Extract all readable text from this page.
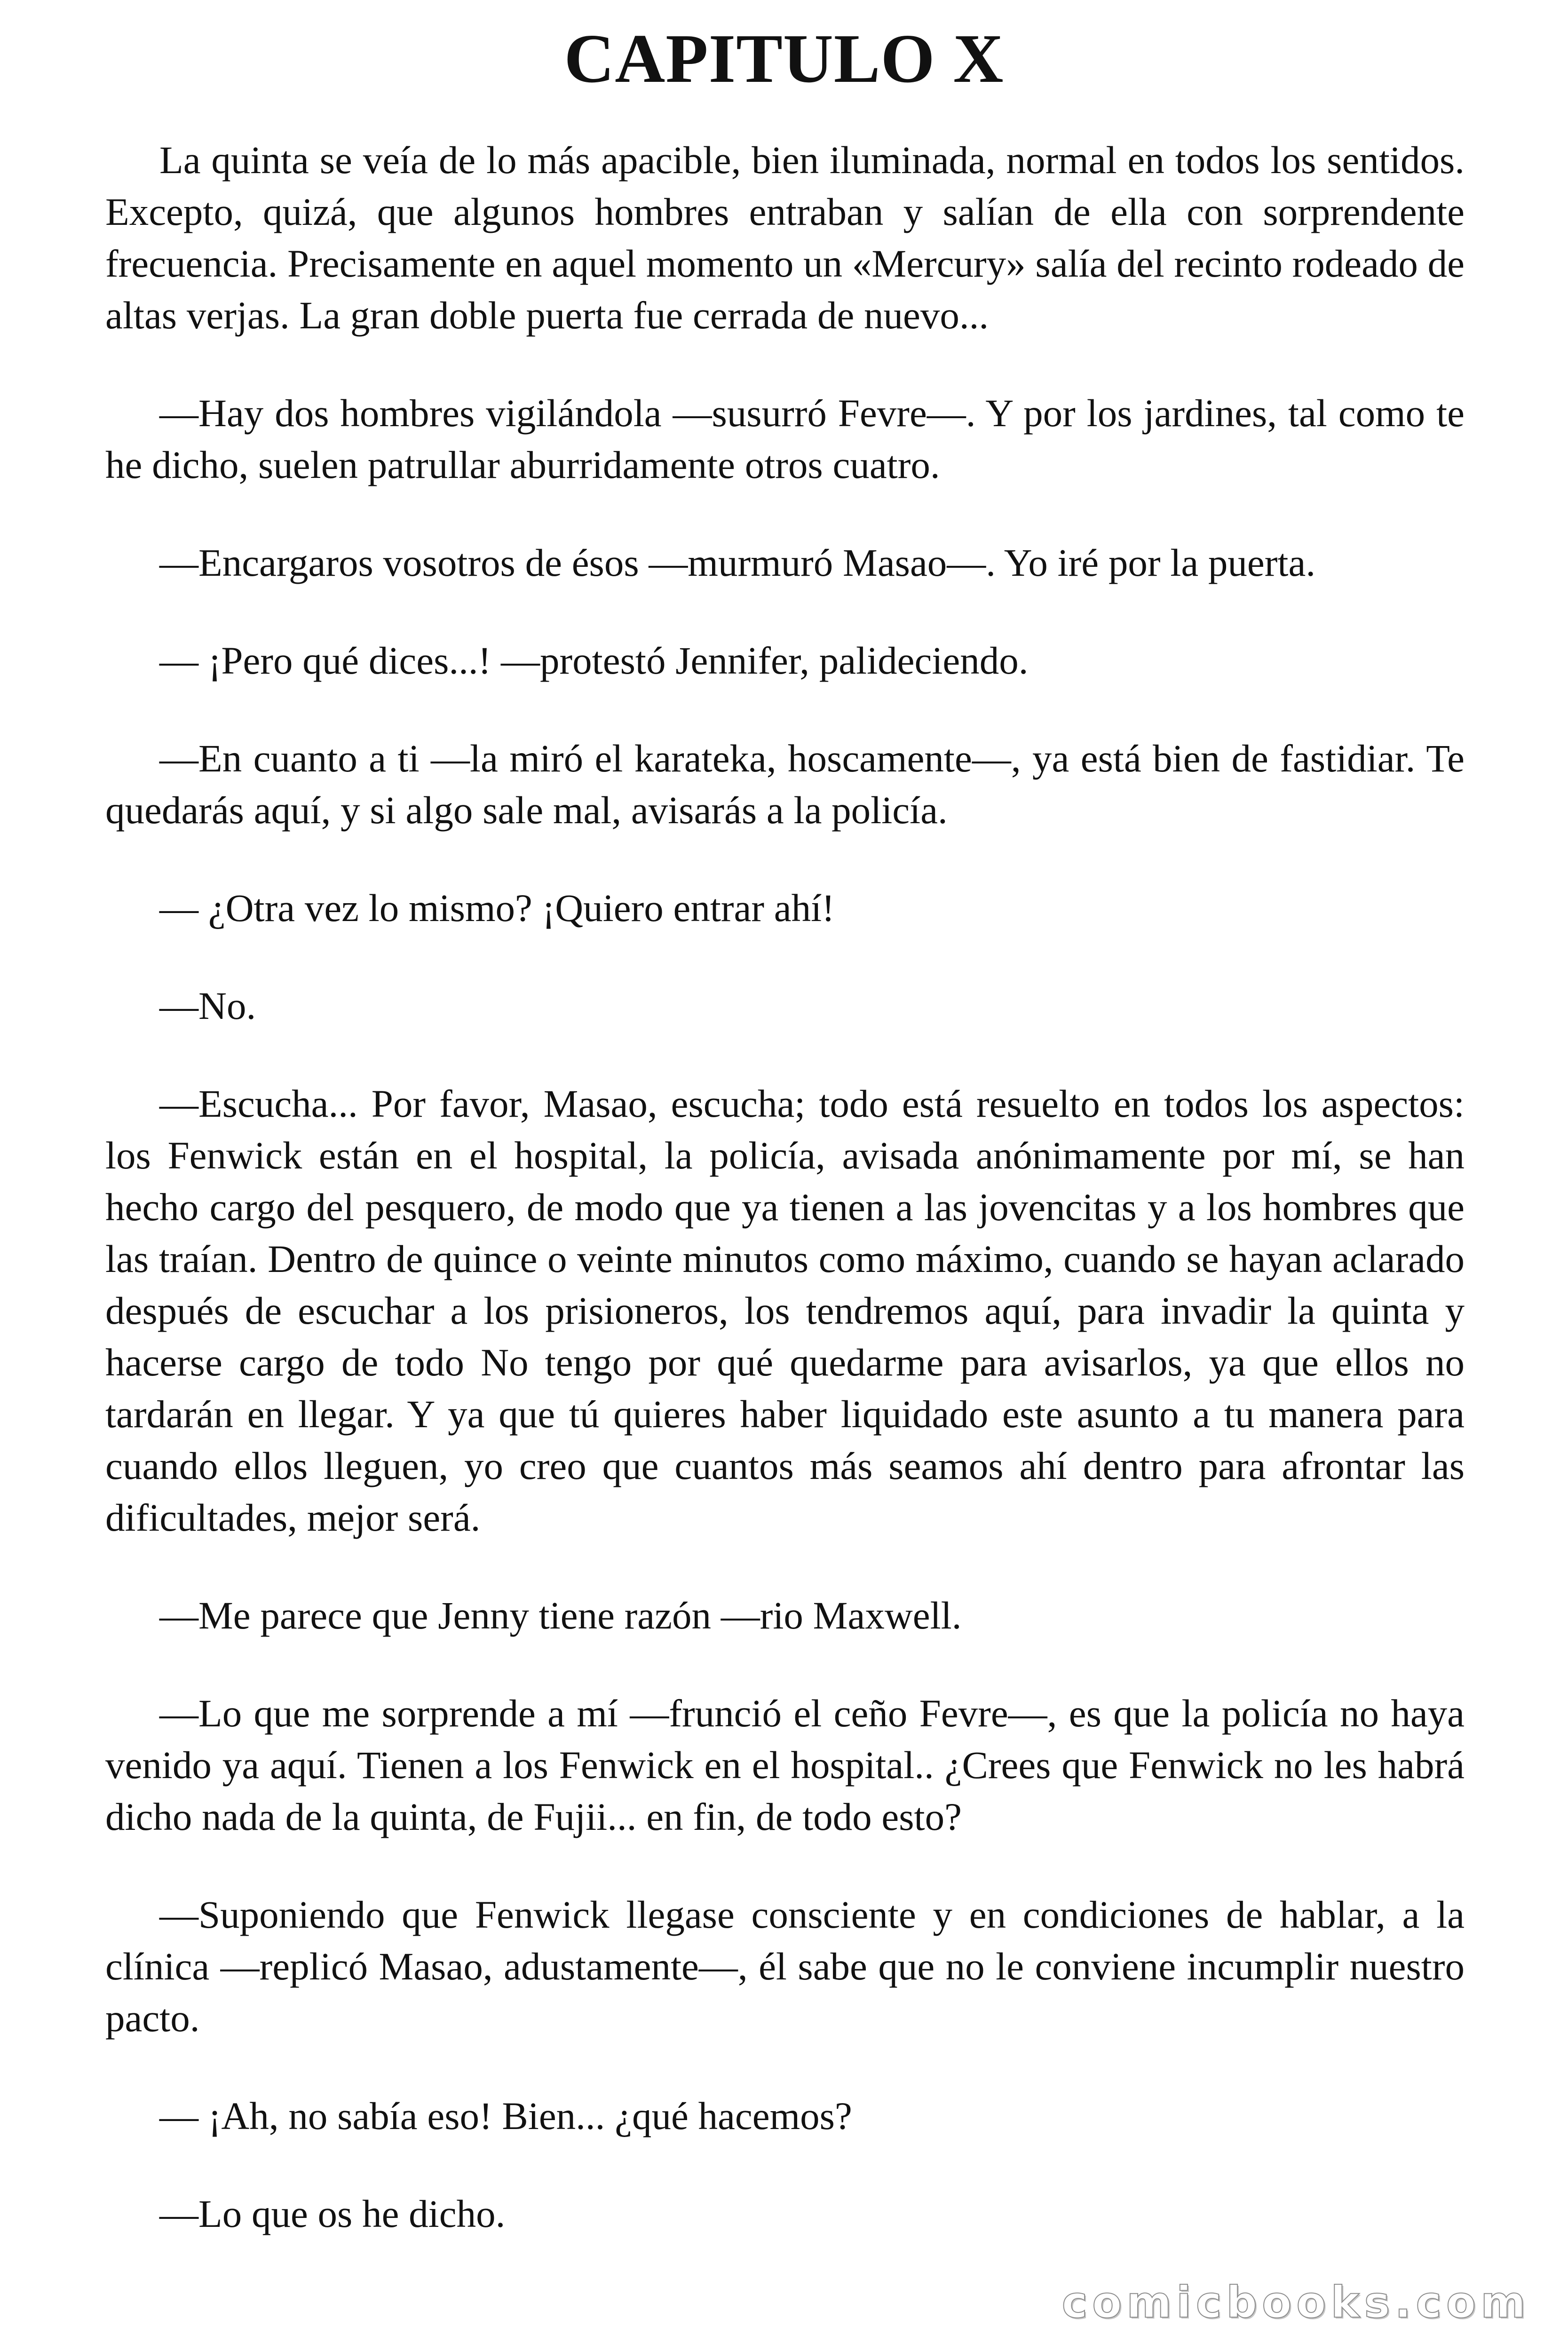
CAPITULO X

La quinta se veía de lo más apacible, bien iluminada, normal en todos los sentidos. Excepto, quizá, que algunos hombres entraban y salían de ella con sorprendente frecuencia. Precisamente en aquel momento un «Mercury» salía del recinto rodeado de altas verjas. La gran doble puerta fue cerrada de nuevo...

—Hay dos hombres vigilándola —susurró Fevre—. Y por los jardines, tal como te he dicho, suelen patrullar aburridamente otros cuatro.

—Encargaros vosotros de ésos —murmuró Masao—. Yo iré por la puerta.

— ¡Pero qué dices...! —protestó Jennifer, palideciendo.

—En cuanto a ti —la miró el karateka, hoscamente—, ya está bien de fastidiar. Te quedarás aquí, y si algo sale mal, avisarás a la policía.

— ¿Otra vez lo mismo? ¡Quiero entrar ahí!

—No.

—Escucha... Por favor, Masao, escucha; todo está resuelto en todos los aspectos: los Fenwick están en el hospital, la policía, avisada anónimamente por mí, se han hecho cargo del pesquero, de modo que ya tienen a las jovencitas y a los hombres que las traían. Dentro de quince o veinte minutos como máximo, cuando se hayan aclarado después de escuchar a los prisioneros, los tendremos aquí, para invadir la quinta y hacerse cargo de todo No tengo por qué quedarme para avisarlos, ya que ellos no tardarán en llegar. Y ya que tú quieres haber liquidado este asunto a tu manera para cuando ellos lleguen, yo creo que cuantos más seamos ahí dentro para afrontar las dificultades, mejor será.

—Me parece que Jenny tiene razón —rio Maxwell.

—Lo que me sorprende a mí —frunció el ceño Fevre—, es que la policía no haya venido ya aquí. Tienen a los Fenwick en el hospital.. ¿Crees que Fenwick no les habrá dicho nada de la quinta, de Fujii... en fin, de todo esto?

—Suponiendo que Fenwick llegase consciente y en condiciones de hablar, a la clínica —replicó Masao, adustamente—, él sabe que no le conviene incumplir nuestro pacto.

— ¡Ah, no sabía eso! Bien... ¿qué hacemos?

—Lo que os he dicho.

comicbooks.com
